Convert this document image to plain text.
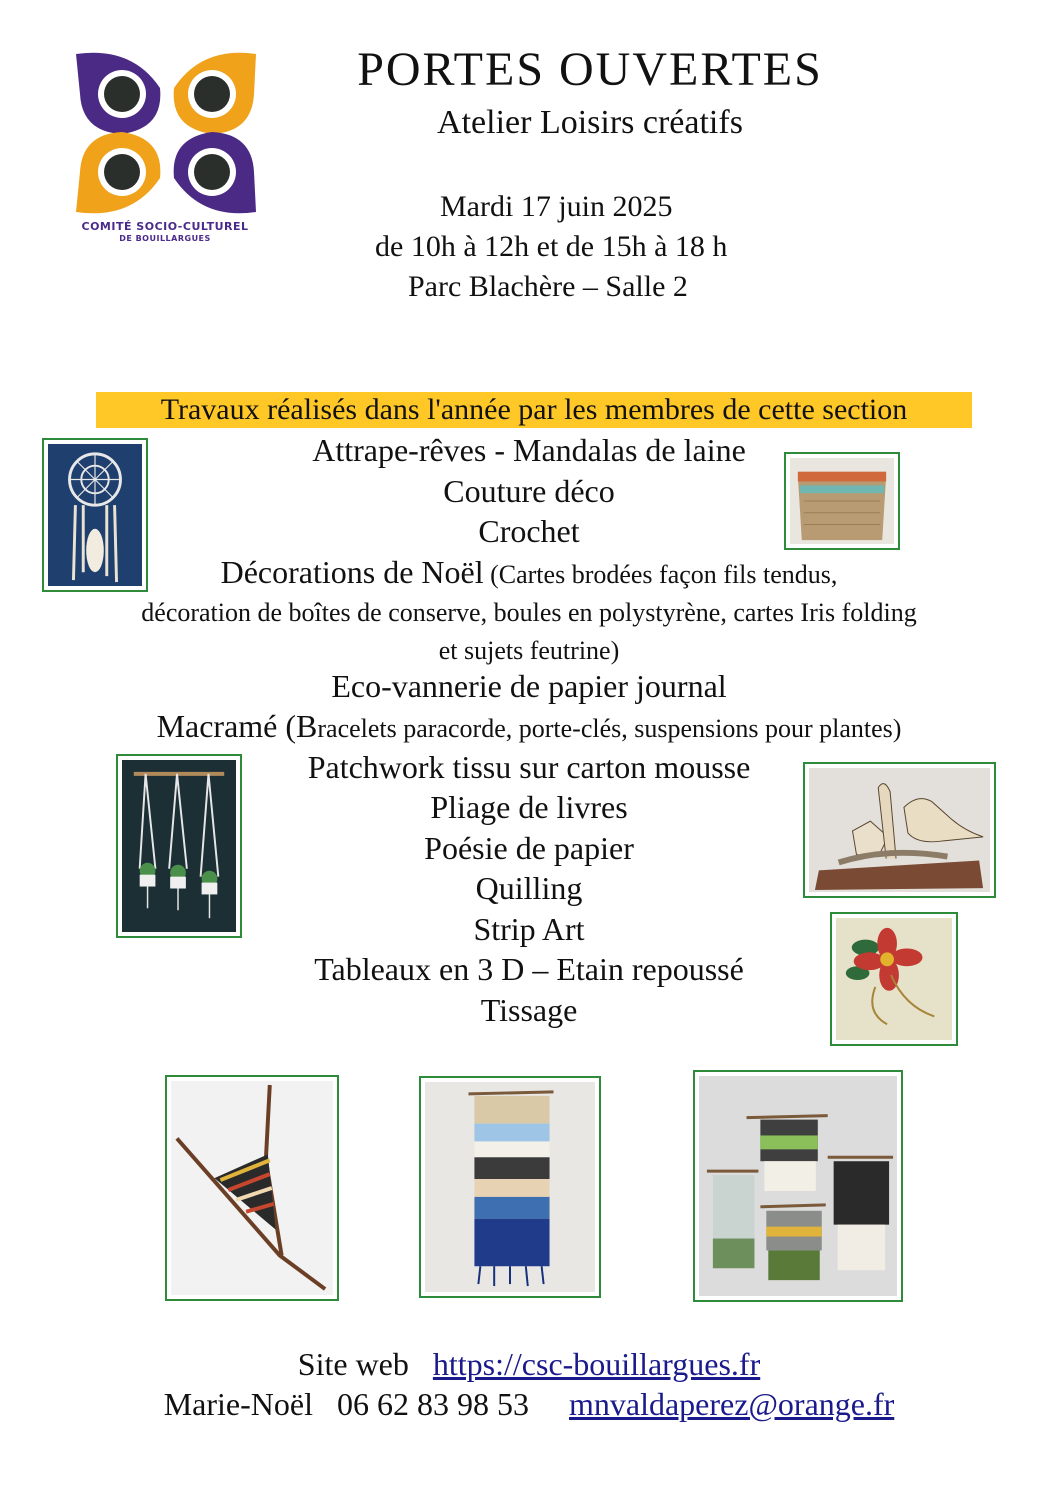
COMITÉ SOCIO-CULTUREL
DE BOUILLARGUES
PORTES OUVERTES
Atelier Loisirs créatifs
Mardi 17 juin 2025
de 10h à 12h et de 15h à 18 h
Parc Blachère – Salle 2
Travaux réalisés dans l'année par les membres de cette section
Attrape-rêves - Mandalas de laine
Couture déco
Crochet
Décorations de Noël (Cartes brodées façon fils tendus,
décoration de boîtes de conserve, boules en polystyrène, cartes Iris folding
et sujets feutrine)
Eco-vannerie de papier journal
Macramé (Bracelets paracorde, porte-clés, suspensions pour plantes)
Patchwork tissu sur carton mousse
Pliage de livres
Poésie de papier
Quilling
Strip Art
Tableaux en 3 D – Etain repoussé
Tissage
Site web https://csc-bouillargues.fr
Marie-Noël 06 62 83 98 53 mnvaldaperez@orange.fr
